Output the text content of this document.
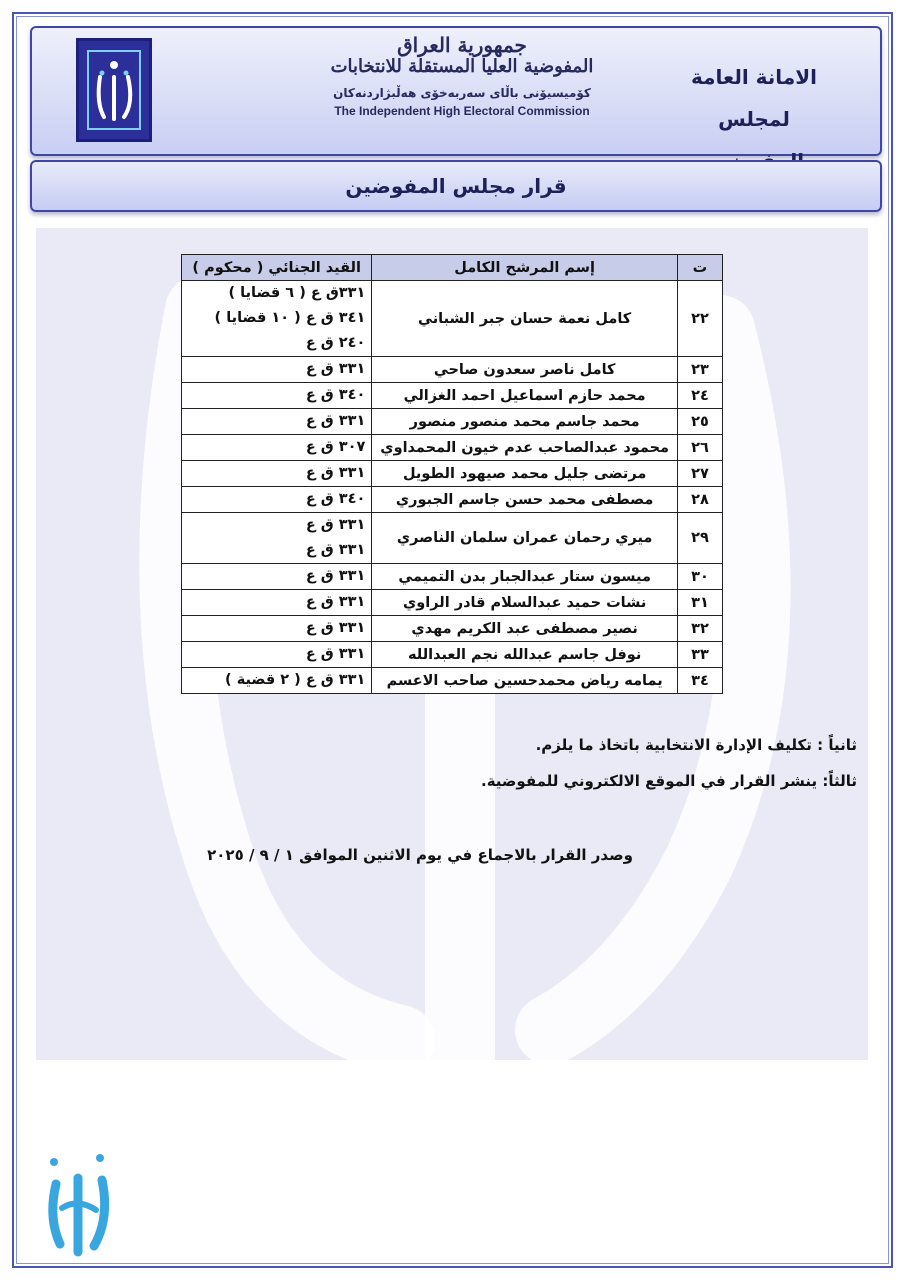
جمهورية العراق
المفوضية العليا المستقلة للانتخابات
كۆمیسیۆنی باڵای سەربەخۆی هەڵبژاردنەکان
The Independent High Electoral Commission
الامانة العامة
لمجلس
قرار مجلس المفوضين
ت	إسم المرشح الكامل	القيد الجنائي ( محكوم )
٢٢	كامل نعمة حسان جبر الشباني	٣٣١ق ع ( ٦ قضايا )
٣٤١ ق ع ( ١٠ قضايا )
٢٤٠ ق ع

٢٣	كامل ناصر سعدون صاحي	٣٣١ ق ع

٢٤	محمد حازم اسماعيل احمد الغزالي	٣٤٠ ق ع

٢٥	محمد جاسم محمد منصور منصور	٣٣١ ق ع

٢٦	محمود عبدالصاحب عدم خيون المحمداوي	٣٠٧ ق ع

٢٧	مرتضى جليل محمد صيهود الطويل	٣٣١ ق ع

٢٨	مصطفى محمد حسن جاسم الجبوري	٣٤٠ ق ع

٢٩	ميري رحمان عمران سلمان الناصري	٣٣١ ق ع
٣٣١ ق ع

٣٠	ميسون ستار عبدالجبار بدن التميمي	٣٣١ ق ع

٣١	نشات حميد عبدالسلام قادر الراوي	٣٣١ ق ع

٣٢	نصير مصطفى عبد الكريم مهدي	٣٣١ ق ع

٣٣	نوفل جاسم عبدالله نجم العبدالله	٣٣١ ق ع

٣٤	يمامه رياض محمدحسين صاحب الاعسم	٣٣١ ق ع ( ٢ قضية )

ثانياً : تكليف الإدارة الانتخابية باتخاذ ما يلزم.

ثالثاً: ينشر القرار في الموقع الالكتروني للمفوضية.

وصدر القرار بالاجماع في يوم الاثنين الموافق ١ / ٩ / ٢٠٢٥
